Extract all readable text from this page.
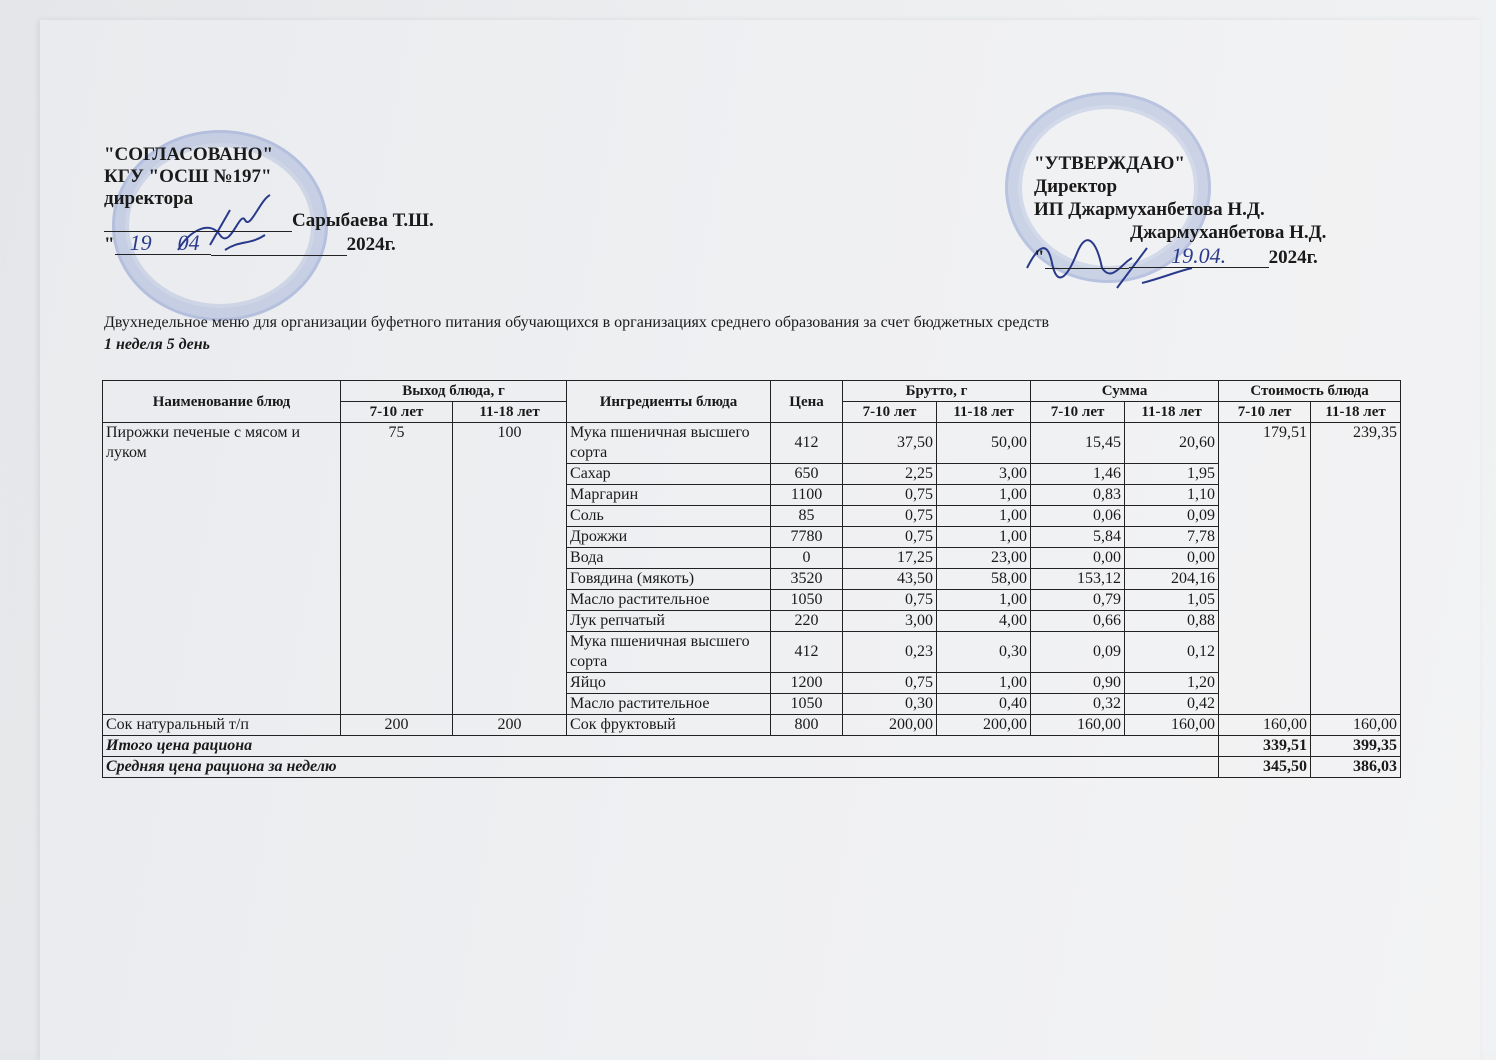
"СОГЛАСОВАНО"
КГУ "ОСШ №197"
директора
Сарыбаева Т.Ш.
" 19 04	2024г.
"УТВЕРЖДАЮ"
Директор
ИП Джармуханбетова Н.Д.
Джармуханбетова Н.Д.
"	19.04. 2024г.
Двухнедельное меню для организации буфетного питания обучающихся в организациях среднего образования за счет бюджетных средств
1 неделя 5 день
Наименование блюд	Выход блюда, г		Ингредиенты блюда	Цена	Брутто, г		Сумма		Стоимость блюда	
	7-10 лет	11-18 лет			7-10 лет	11-18 лет	7-10 лет	11-18 лет	7-10 лет	11-18 лет
Пирожки печеные с мясом и луком	75	100	Мука пшеничная высшего сорта	412	37,50	50,00	15,45	20,60	179,51	239,35
			Сахар	650	2,25	3,00	1,46	1,95		
			Маргарин	1100	0,75	1,00	0,83	1,10		
			Соль	85	0,75	1,00	0,06	0,09		
			Дрожжи	7780	0,75	1,00	5,84	7,78		
			Вода	0	17,25	23,00	0,00	0,00		
			Говядина (мякоть)	3520	43,50	58,00	153,12	204,16		
			Масло растительное	1050	0,75	1,00	0,79	1,05		
			Лук репчатый	220	3,00	4,00	0,66	0,88		
			Мука пшеничная высшего сорта	412	0,23	0,30	0,09	0,12		
			Яйцо	1200	0,75	1,00	0,90	1,20		
			Масло растительное	1050	0,30	0,40	0,32	0,42		
Сок натуральный т/п	200	200	Сок фруктовый	800	200,00	200,00	160,00	160,00	160,00	160,00
Итого цена рациона									339,51	399,35
Средняя цена рациона за неделю									345,50	386,03
